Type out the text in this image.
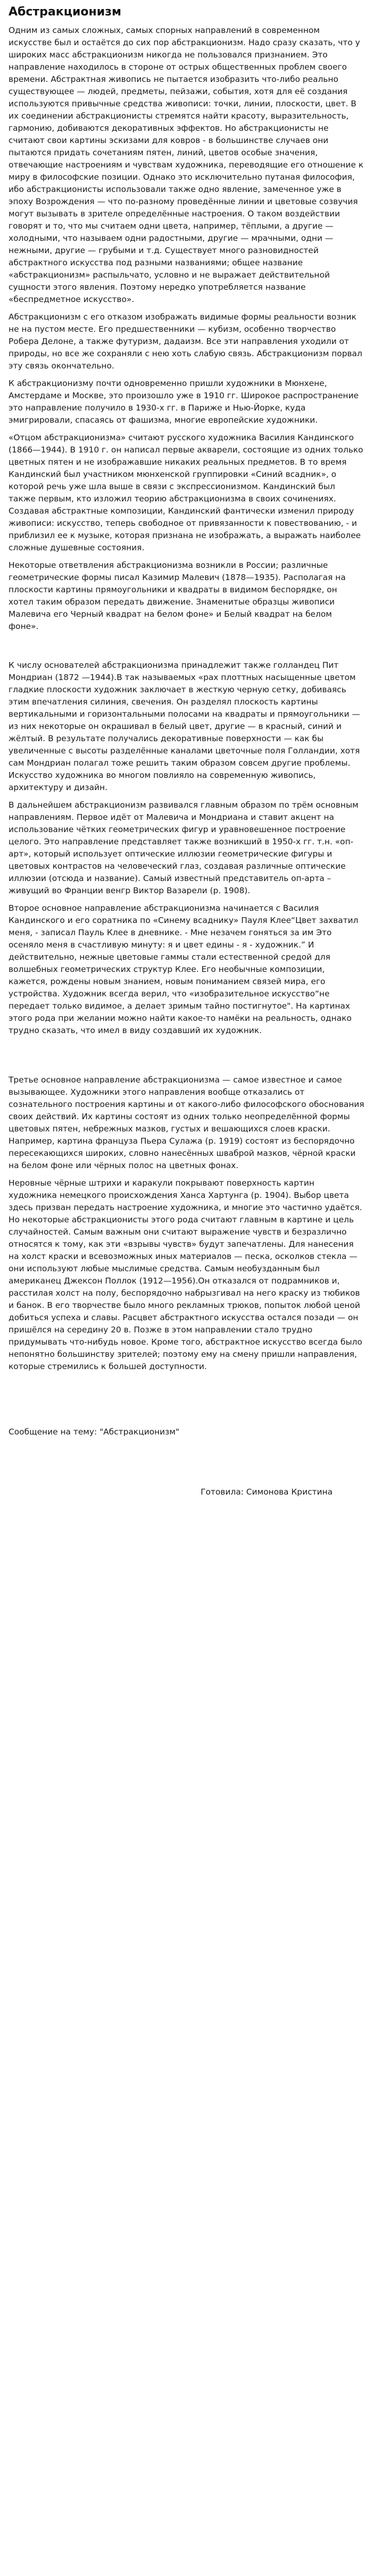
Абстракционизм

Одним из самых сложных, самых спорных направлений в современном искусстве был и остаётся до сих пор абстракционизм. Надо сразу сказать, что у широких масс абстракционизм никогда не пользовался признанием. Это направление находилось в стороне от острых общественных проблем своего времени. Абстрактная живопись не пытается изобразить что-либо реально существующее — людей, предметы, пейзажи, события, хотя для её создания используются привычные средства живописи: точки, линии, плоскости, цвет. В их соединении абстракционисты стремятся найти красоту, выразительность, гармонию, добиваются декоративных эффектов. Но абстракционисты не считают свои картины эскизами для ковров - в большинстве случаев они пытаются придать сочетаниям пятен, линий, цветов особые значения, отвечающие настроениям и чувствам художника, переводящие его отношение к миру в философские позиции. Однако это исключительно путаная философия, ибо абстракционисты использовали также одно явление, замеченное уже в эпоху Возрождения — что по-разному проведённые линии и цветовые созвучия могут вызывать в зрителе определённые настроения. О таком воздействии говорят и то, что мы считаем одни цвета, например, тёплыми, а другие — холодными, что называем одни радостными, другие — мрачными, одни — нежными, другие — грубыми и т.д. Существует много разновидностей абстрактного искусства под разными названиями; общее название «абстракционизм» распыльчато, условно и не выражает действительной сущности этого явления. Поэтому нередко употребляется название «беспредметное искусство».

Абстракционизм с его отказом изображать видимые формы реальности возник не на пустом месте. Его предшественники — кубизм, особенно творчество Робера Делоне, а также футуризм, дадаизм. Все эти направления уходили от природы, но все же сохраняли с нею хоть слабую связь. Абстракционизм порвал эту связь окончательно.

К абстракционизму почти одновременно пришли художники в Мюнхене, Амстердаме и Москве, это произошло уже в 1910 гг. Широкое распространение это направление получило в 1930-х гг. в Париже и Нью-Йорке, куда эмигрировали, спасаясь от фашизма, многие европейские художники.

«Отцом абстракционизма» считают русского художника Василия Кандинского (1866—1944). В 1910 г. он написал первые акварели, состоящие из одних только цветных пятен и не изображавшие никаких реальных предметов. В то время Кандинский был участником мюнхенской группировки «Синий всадник», о которой речь уже шла выше в связи с экспрессионизмом. Кандинский был также первым, кто изложил теорию абстракционизма в своих сочинениях. Создавая абстрактные композиции, Кандинский фантически изменил природу живописи: искусство, теперь свободное от привязанности к повествованию, - и приблизил ее к музыке, которая признана не изображать, а выражать наиболее сложные душевные состояния.

Некоторые ответвления абстракционизма возникли в России; различные геометрические формы писал Казимир Малевич (1878—1935). Располагая на плоскости картины прямоугольники и квадраты в видимом беспорядке, он хотел таким образом передать движение. Знаменитые образцы живописи Малевича его Черный квадрат на белом фоне» и Белый квадрат на белом фоне».

К числу основателей абстракционизма принадлежит также голландец Пит Мондриан (1872 —1944).В так называемых «рах плоттных насыщенные цветом гладкие плоскости художник заключает в жесткую черную сетку, добиваясь этим впечатления силиния, свечения. Он разделял плоскость картины вертикальными и горизонтальными полосами на квадраты и прямоугольники — из них некоторые он окрашивал в белый цвет, другие — в красный, синий и жёлтый. В результате получались декоративные поверхности — как бы увеличенные с высоты разделённые каналами цветочные поля Голландии, хотя сам Мондриан полагал тоже решить таким образом совсем другие проблемы. Искусство художника во многом повлияло на современную живопись, архитектуру и дизайн.

В дальнейшем абстракционизм развивался главным образом по трём основным направлениям. Первое идёт от Малевича и Мондриана и ставит акцент на использование чётких геометрических фигур и уравновешенное построение целого. Это направление представляет также возникший в 1950-х гг. т.н. «оп-арт», который использует оптические иллюзии геометрические фигуры и цветовых контрастов на человеческий глаз, создавая различные оптические иллюзии (отсюда и название). Самый известный представитель оп-арта – живущий во Франции венгр Виктор Вазарели (р. 1908).

Второе основное направление абстракционизма начинается с Василия Кандинского и его соратника по «Синему всаднику» Пауля Клее“Цвет захватил меня, - записал Пауль Клее в дневнике. - Мне незачем гоняться за им Это осеняло меня в счастливую минуту: я и цвет едины - я - художник.” И действительно, нежные цветовые гаммы стали естественной средой для волшебных геометрических структур Клее. Его необычные композиции, кажется, рождены новым знанием, новым пониманием связей мира, его устройства. Художник всегда верил, что «изобразительное искусство“не передает только видимое, а делает зримым тайно постигнутое". На картинах этого рода при желании можно найти какое-то намёки на реальность, однако трудно сказать, что имел в виду создавший их художник.

Третье основное направление абстракционизма — самое известное и самое вызывающее. Художники этого направления вообще отказались от сознательного построения картины и от какого-либо философского обоснования своих действий. Их картины состоят из одних только неопределённой формы цветовых пятен, небрежных мазков, густых и вешающихся слоев краски. Например, картина француза Пьера Сулажа (р. 1919) состоят из беспорядочно пересекающихся широких, словно нанесённых шваброй мазков, чёрной краски на белом фоне или чёрных полос на цветных фонах.

Неровные чёрные штрихи и каракули покрывают поверхность картин художника немецкого происхождения Ханса Хартунга (р. 1904). Выбор цвета здесь призван передать настроение художника, и многие это частично удаётся. Но некоторые абстракционисты этого рода считают главным в картине и цель случайностей. Самым важным они считают выражение чувств и безразлично относятся к тому, как эти «взрывы чувств» будут запечатлены. Для нанесения на холст краски и всевозможных иных материалов — песка, осколков стекла — они используют любые мыслимые средства. Самым необузданным был американец Джексон Поллок (1912—1956).Он отказался от подрамников и, расстилая холст на полу, беспорядочно набрызгивал на него краску из тюбиков и банок. В его творчестве было много рекламных трюков, попыток любой ценой добиться успеха и славы. Расцвет абстрактного искусства остался позади — он пришёлся на середину 20 в. Позже в этом направлении стало трудно придумывать что-нибудь новое. Кроме того, абстрактное искусство всегда было непонятно большинству зрителей; поэтому ему на смену пришли направления, которые стремились к большей доступности.

Сообщение на тему: "Абстракционизм"

Готовила: Симонова Кристина
